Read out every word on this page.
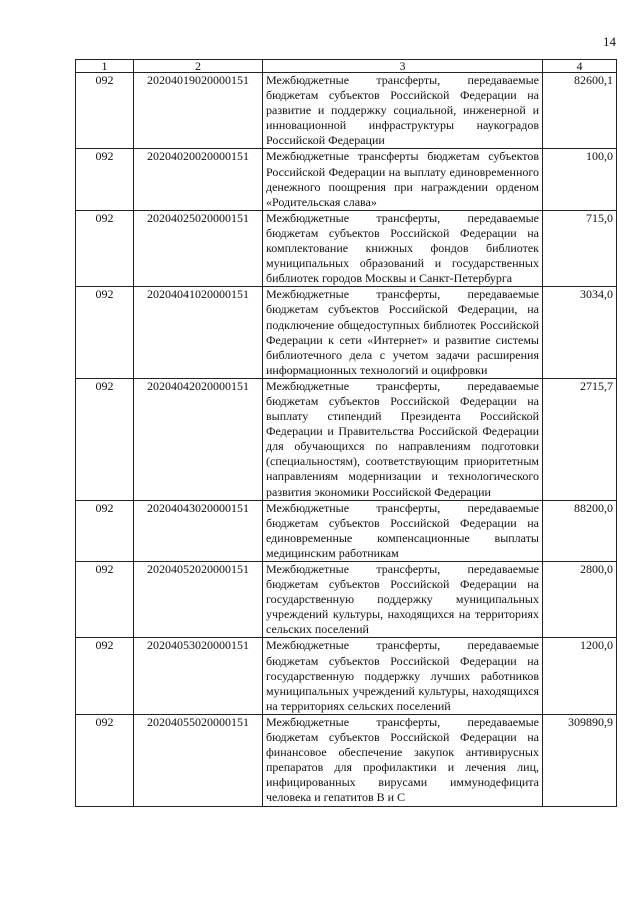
14
1	2	3	4
092	20204019020000151	Межбюджетные трансферты, передаваемые бюджетам субъектов Российской Федерации на развитие и поддержку социальной, инженерной и инновационной инфраструктуры наукоградов Российской Федерации	82600,1
092	20204020020000151	Межбюджетные трансферты бюджетам субъектов Российской Федерации на выплату единовременного денежного поощрения при награждении орденом «Родительская слава»	100,0
092	20204025020000151	Межбюджетные трансферты, передаваемые бюджетам субъектов Российской Федерации на комплектование книжных фондов библиотек муниципальных образований и государственных библиотек городов Москвы и Санкт-Петербурга	715,0
092	20204041020000151	Межбюджетные трансферты, передаваемые бюджетам субъектов Российской Федерации, на подключение общедоступных библиотек Российской Федерации к сети «Интернет» и развитие системы библиотечного дела с учетом задачи расширения информационных технологий и оцифровки	3034,0
092	20204042020000151	Межбюджетные трансферты, передаваемые бюджетам субъектов Российской Федерации на выплату стипендий Президента Российской Федерации и Правительства Российской Федерации для обучающихся по направлениям подготовки (специальностям), соответствующим приоритетным направлениям модернизации и технологического развития экономики Российской Федерации	2715,7
092	20204043020000151	Межбюджетные трансферты, передаваемые бюджетам субъектов Российской Федерации на единовременные компенсационные выплаты медицинским работникам	88200,0
092	20204052020000151	Межбюджетные трансферты, передаваемые бюджетам субъектов Российской Федерации на государственную поддержку муниципальных учреждений культуры, находящихся на территориях сельских поселений	2800,0
092	20204053020000151	Межбюджетные трансферты, передаваемые бюджетам субъектов Российской Федерации на государственную поддержку лучших работников муниципальных учреждений культуры, находящихся на территориях сельских поселений	1200,0
092	20204055020000151	Межбюджетные трансферты, передаваемые бюджетам субъектов Российской Федерации на финансовое обеспечение закупок антивирусных препаратов для профилактики и лечения лиц, инфицированных вирусами иммунодефицита человека и гепатитов В и С	309890,9
